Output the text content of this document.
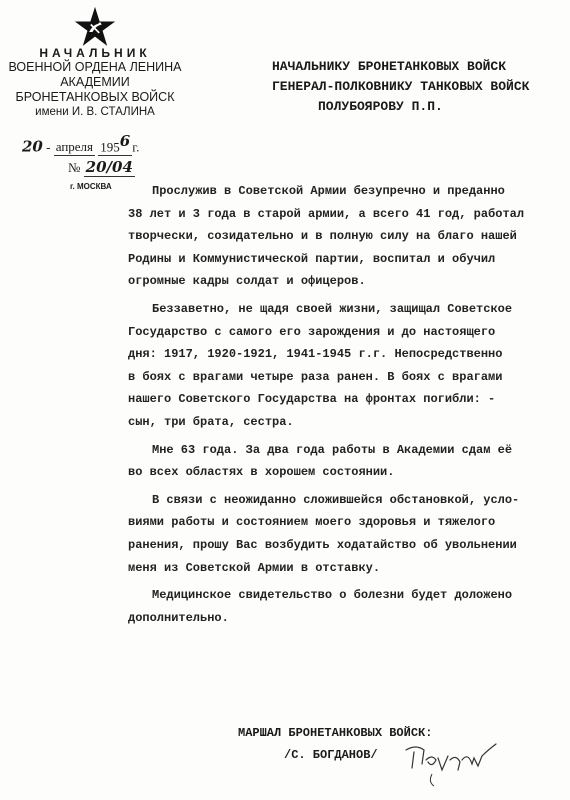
НАЧАЛЬНИК
ВОЕННОЙ ОРДЕНА ЛЕНИНА
АКАДЕМИИ
БРОНЕТАНКОВЫХ ВОЙСК
имени И. В. СТАЛИНА
20 - апреля $195^6$ г.
№ 20/04
г. МОСКВА
НАЧАЛЬНИКУ БРОНЕТАНКОВЫХ ВОЙСК
ГЕНЕРАЛ-ПОЛКОВНИКУ ТАНКОВЫХ ВОЙСК
ПОЛУБОЯРОВУ П.П.

Прослужив в Советской Армии безупречно и преданно
38 лет и 3 года в старой армии, а всего 41 год, работал
творчески, созидательно и в полную силу на благо нашей
Родины и Коммунистической партии, воспитал и обучил
огромные кадры солдат и офицеров.

Беззаветно, не щадя своей жизни, защищал Советское
Государство с самого его зарождения и до настоящего
дня: 1917, 1920-1921, 1941-1945 г.г. Непосредственно
в боях с врагами четыре раза ранен. В боях с врагами
нашего Советского Государства на фронтах погибли: -
сын, три брата, сестра.

Мне 63 года. За два года работы в Академии сдам её
во всех областях в хорошем состоянии.

В связи с неожиданно сложившейся обстановкой, усло-
виями работы и состоянием моего здоровья и тяжелого
ранения, прошу Вас возбудить ходатайство об увольнении
меня из Советской Армии в отставку.

Медицинское свидетельство о болезни будет доложено
дополнительно.

МАРШАЛ БРОНЕТАНКОВЫХ ВОЙСК:
/С. БОГДАНОВ/
